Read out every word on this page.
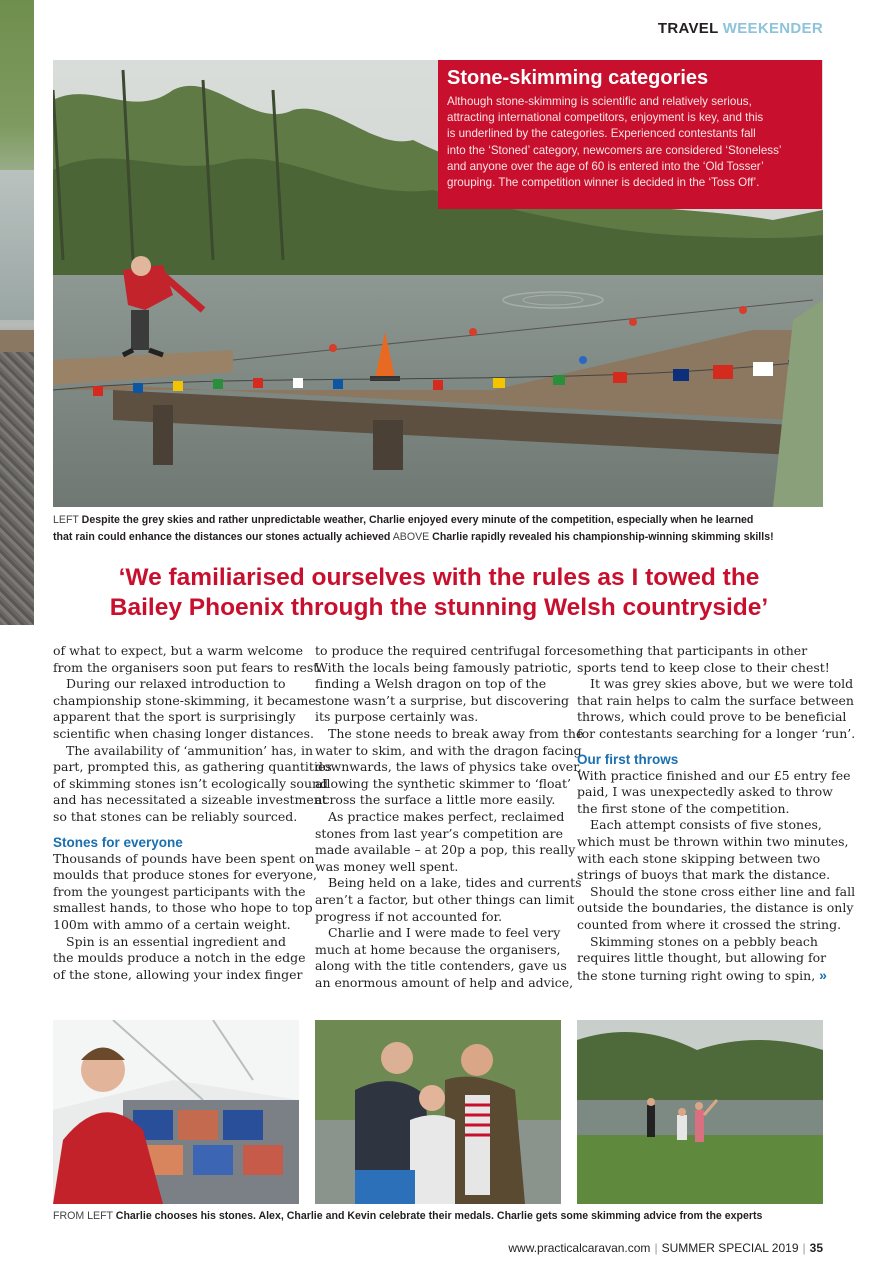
TRAVEL WEEKENDER
Stone-skimming categories
Although stone-skimming is scientific and relatively serious,
attracting international competitors, enjoyment is key, and this
is underlined by the categories. Experienced contestants fall
into the ‘Stoned’ category, newcomers are considered ‘Stoneless’
and anyone over the age of 60 is entered into the ‘Old Tosser’
grouping. The competition winner is decided in the ‘Toss Off’.
LEFT Despite the grey skies and rather unpredictable weather, Charlie enjoyed every minute of the competition, especially when he learned
that rain could enhance the distances our stones actually achieved ABOVE Charlie rapidly revealed his championship-winning skimming skills!
‘We familiarised ourselves with the rules as I towed the
Bailey Phoenix through the stunning Welsh countryside’

of what to expect, but a warm welcome
from the organisers soon put fears to rest.

During our relaxed introduction to
championship stone-skimming, it became
apparent that the sport is surprisingly
scientific when chasing longer distances.

The availability of ‘ammunition’ has, in
part, prompted this, as gathering quantities
of skimming stones isn’t ecologically sound
and has necessitated a sizeable investment
so that stones can be reliably sourced.

Stones for everyone

Thousands of pounds have been spent on
moulds that produce stones for everyone,
from the youngest participants with the
smallest hands, to those who hope to top
100m with ammo of a certain weight.

Spin is an essential ingredient and
the moulds produce a notch in the edge
of the stone, allowing your index finger

to produce the required centrifugal force.
With the locals being famously patriotic,
finding a Welsh dragon on top of the
stone wasn’t a surprise, but discovering
its purpose certainly was.

The stone needs to break away from the
water to skim, and with the dragon facing
downwards, the laws of physics take over,
allowing the synthetic skimmer to ‘float’
across the surface a little more easily.

As practice makes perfect, reclaimed
stones from last year’s competition are
made available – at 20p a pop, this really
was money well spent.

Being held on a lake, tides and currents
aren’t a factor, but other things can limit
progress if not accounted for.

Charlie and I were made to feel very
much at home because the organisers,
along with the title contenders, gave us
an enormous amount of help and advice,

something that participants in other
sports tend to keep close to their chest!

It was grey skies above, but we were told
that rain helps to calm the surface between
throws, which could prove to be beneficial
for contestants searching for a longer ‘run’.

Our first throws

With practice finished and our £5 entry fee
paid, I was unexpectedly asked to throw
the first stone of the competition.

Each attempt consists of five stones,
which must be thrown within two minutes,
with each stone skipping between two
strings of buoys that mark the distance.

Should the stone cross either line and fall
outside the boundaries, the distance is only
counted from where it crossed the string.

Skimming stones on a pebbly beach
requires little thought, but allowing for
the stone turning right owing to spin, »

FROM LEFT Charlie chooses his stones. Alex, Charlie and Kevin celebrate their medals. Charlie gets some skimming advice from the experts
www.practicalcaravan.com | SUMMER SPECIAL 2019 | 35
